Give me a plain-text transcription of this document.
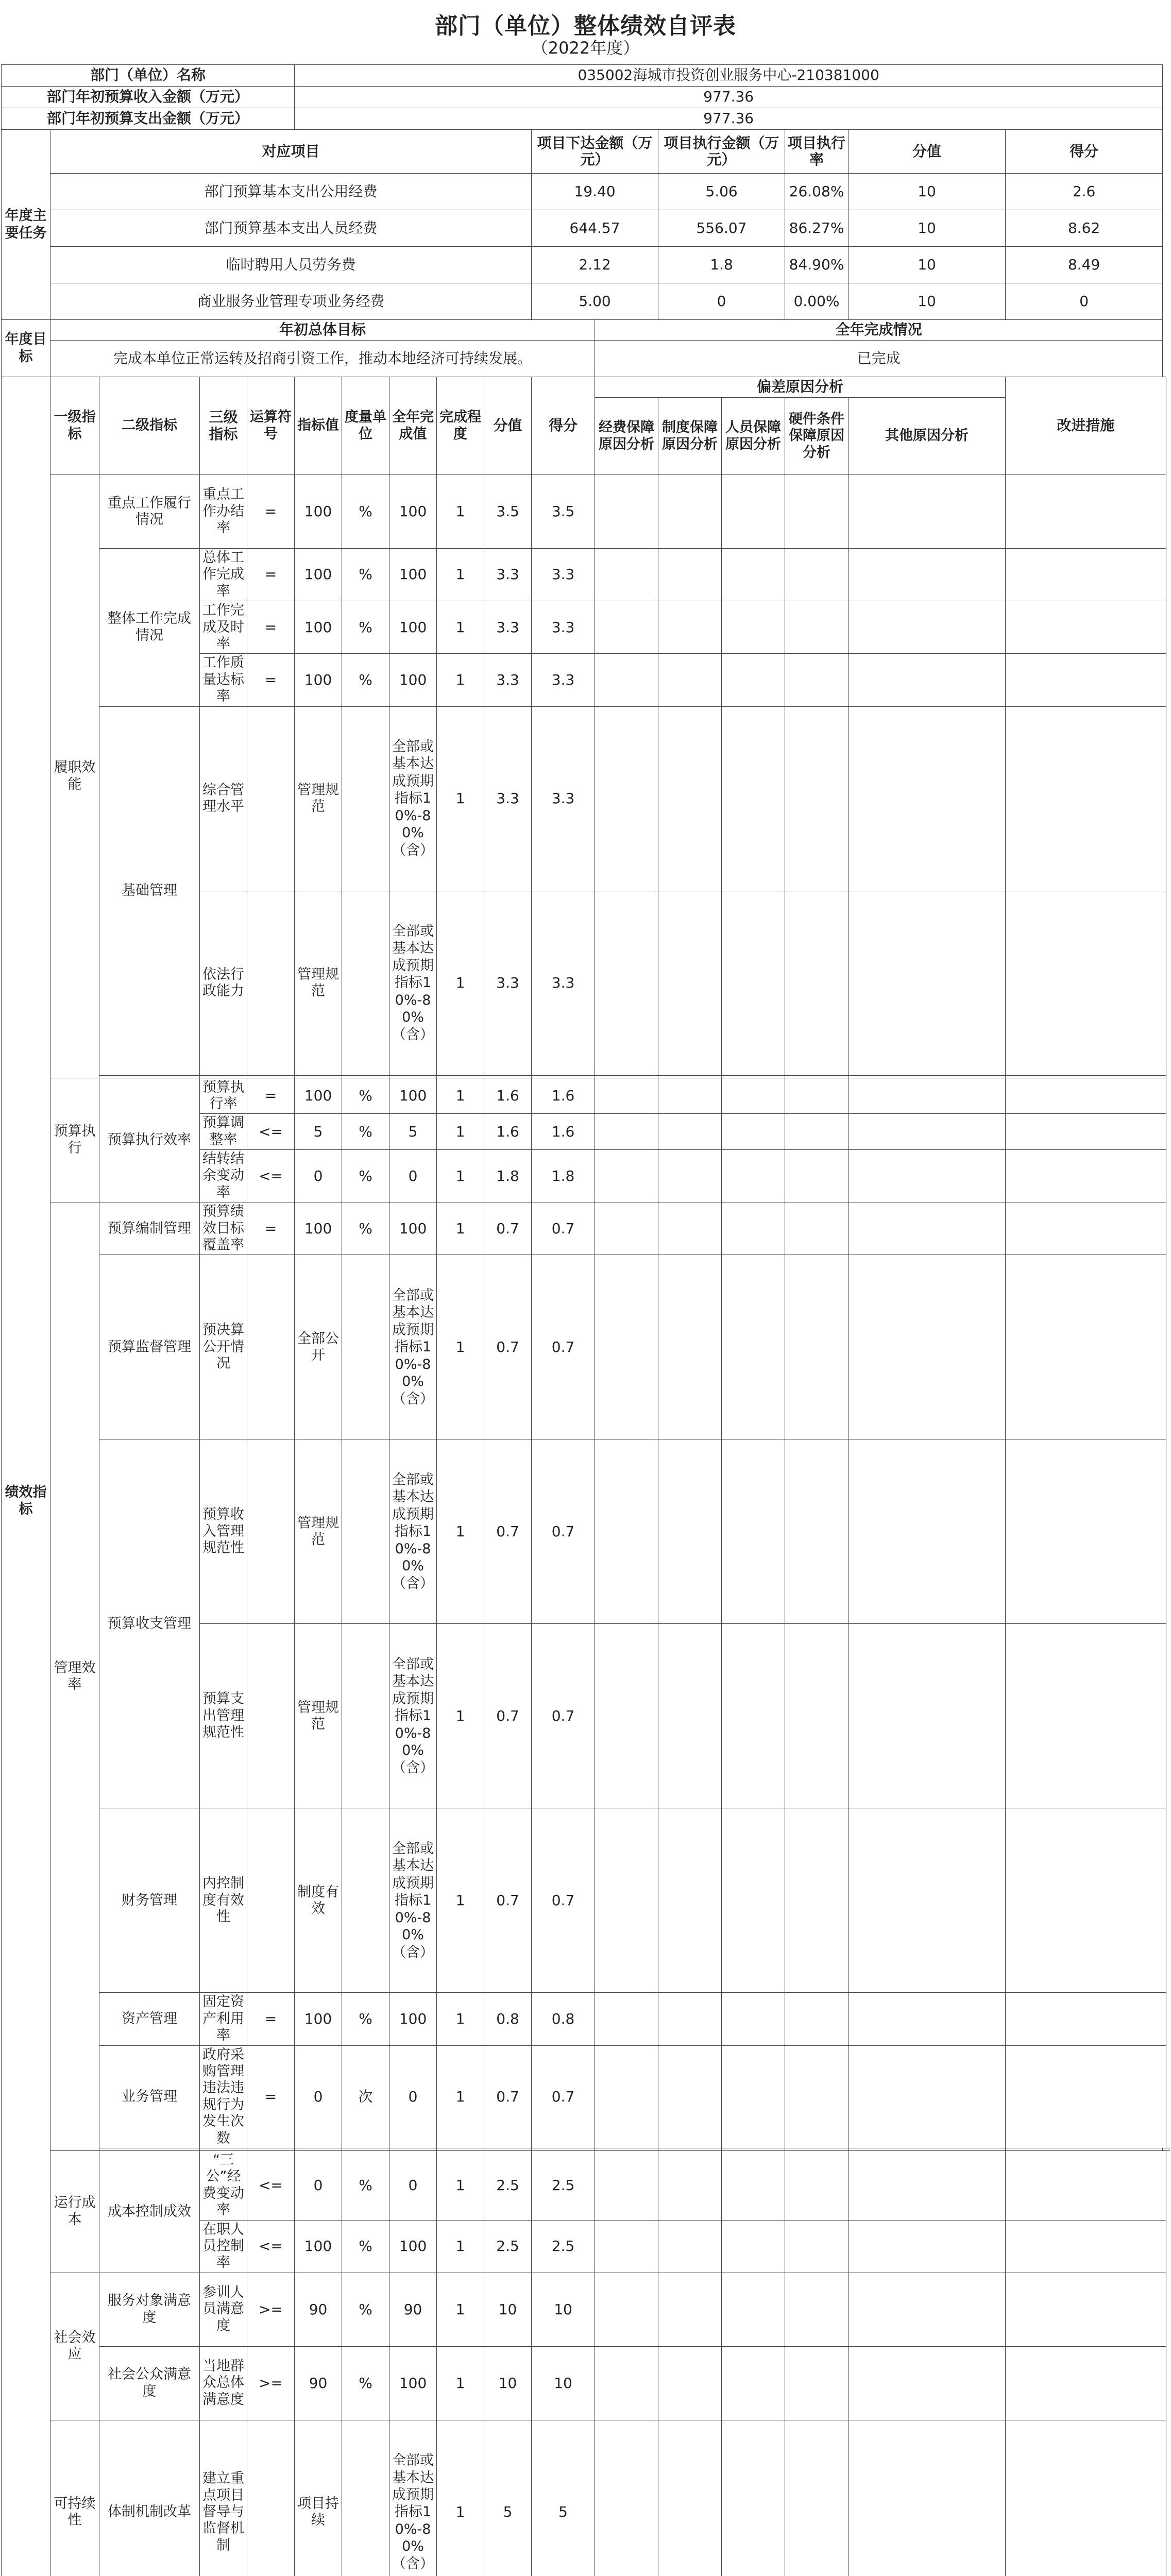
部门（单位）整体绩效自评表
（2022年度）
部门（单位）名称					035002海城市投资创业服务中心-210381000												
部门年初预算收入金额（万元）					977.36												
部门年初预算支出金额（万元）					977.36												
年度主要任务	对应项目									项目下达金额（万元）		项目执行金额（万元）		项目执行率	分值	得分	
	部门预算基本支出公用经费									19.40		5.06		26.08%	10	2.6	
	部门预算基本支出人员经费									644.57		556.07		86.27%	10	8.62	
	临时聘用人员劳务费									2.12		1.8		84.90%	10	8.49	
	商业服务业管理专项业务经费									5.00		0		0.00%	10	0	
年度目标	年初总体目标										全年完成情况						
	完成本单位正常运转及招商引资工作，推动本地经济可持续发展。										已完成						
绩效指标	一级指标	二级指标	三级指标	运算符号	指标值	度量单位	全年完成值	完成程度	分值	得分	偏差原因分析					改进措施	
											经费保障原因分析	制度保障原因分析	人员保障原因分析	硬件条件保障原因分析	其他原因分析		
	履职效能	重点工作履行情况	重点工作办结率	=	100	%	100	1	3.5	3.5							
		整体工作完成情况	总体工作完成率	=	100	%	100	1	3.3	3.3							
			工作完成及时率	=	100	%	100	1	3.3	3.3							
			工作质量达标率	=	100	%	100	1	3.3	3.3							
		基础管理	综合管理水平		管理规范		全部或基本达成预期指标10%-80%（含）	1	3.3	3.3							
			依法行政能力		管理规范		全部或基本达成预期指标10%-80%（含）	1	3.3	3.3							

	预算执行	预算执行效率	预算执行率	=	100	%	100	1	1.6	1.6							
			预算调整率	<=	5	%	5	1	1.6	1.6							
			结转结余变动率	<=	0	%	0	1	1.8	1.8							
	管理效率	预算编制管理	预算绩效目标覆盖率	=	100	%	100	1	0.7	0.7							
		预算监督管理	预决算公开情况		全部公开		全部或基本达成预期指标10%-80%（含）	1	0.7	0.7							
		预算收支管理	预算收入管理规范性		管理规范		全部或基本达成预期指标10%-80%（含）	1	0.7	0.7							
			预算支出管理规范性		管理规范		全部或基本达成预期指标10%-80%（含）	1	0.7	0.7							
		财务管理	内控制度有效性		制度有效		全部或基本达成预期指标10%-80%（含）	1	0.7	0.7							
		资产管理	固定资产利用率	=	100	%	100	1	0.8	0.8							
		业务管理	政府采购管理违法违规行为发生次数	=	0	次	0	1	0.7	0.7							

	运行成本	成本控制成效	“三公”经费变动率	<=	0	%	0	1	2.5	2.5							
			在职人员控制率	<=	100	%	100	1	2.5	2.5							
	社会效应	服务对象满意度	参训人员满意度	>=	90	%	90	1	10	10							
		社会公众满意度	当地群众总体满意度	>=	90	%	100	1	10	10							
	可持续性	体制机制改革	建立重点项目督导与监督机制		项目持续		全部或基本达成预期指标10%-80%（含）	1	5	5							
